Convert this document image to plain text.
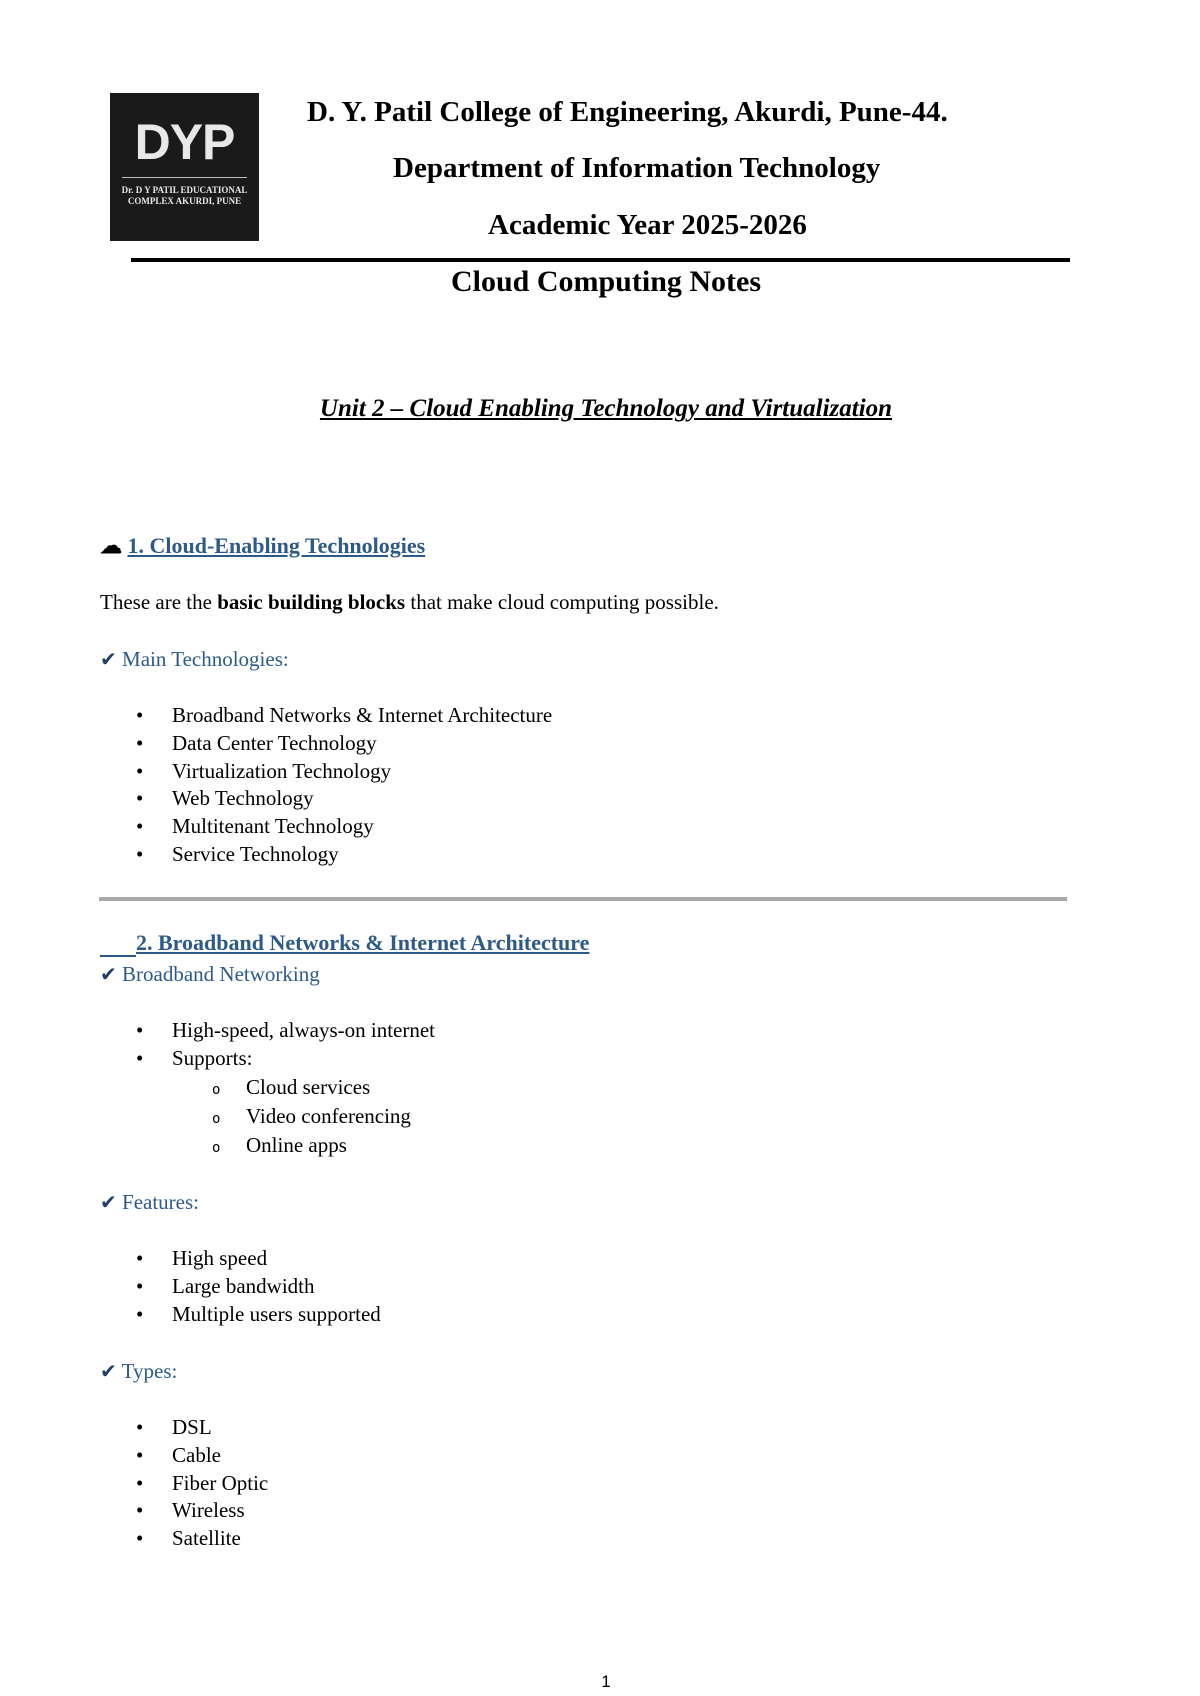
DYP
Dr. D Y PATIL EDUCATIONAL COMPLEX AKURDI, PUNE
D. Y. Patil College of Engineering, Akurdi, Pune-44.
Department of Information Technology
Academic Year 2025-2026
Cloud Computing Notes
Unit 2 – Cloud Enabling Technology and Virtualization
☁ 1. Cloud-Enabling Technologies
These are the basic building blocks that make cloud computing possible.
✔ Main Technologies:
• Broadband Networks & Internet Architecture
• Data Center Technology
• Virtualization Technology
• Web Technology
• Multitenant Technology
• Service Technology
2. Broadband Networks & Internet Architecture
✔ Broadband Networking
• High-speed, always-on internet
• Supports:
o Cloud services
o Video conferencing
o Online apps
✔ Features:
• High speed
• Large bandwidth
• Multiple users supported
✔ Types:
• DSL
• Cable
• Fiber Optic
• Wireless
• Satellite
1
